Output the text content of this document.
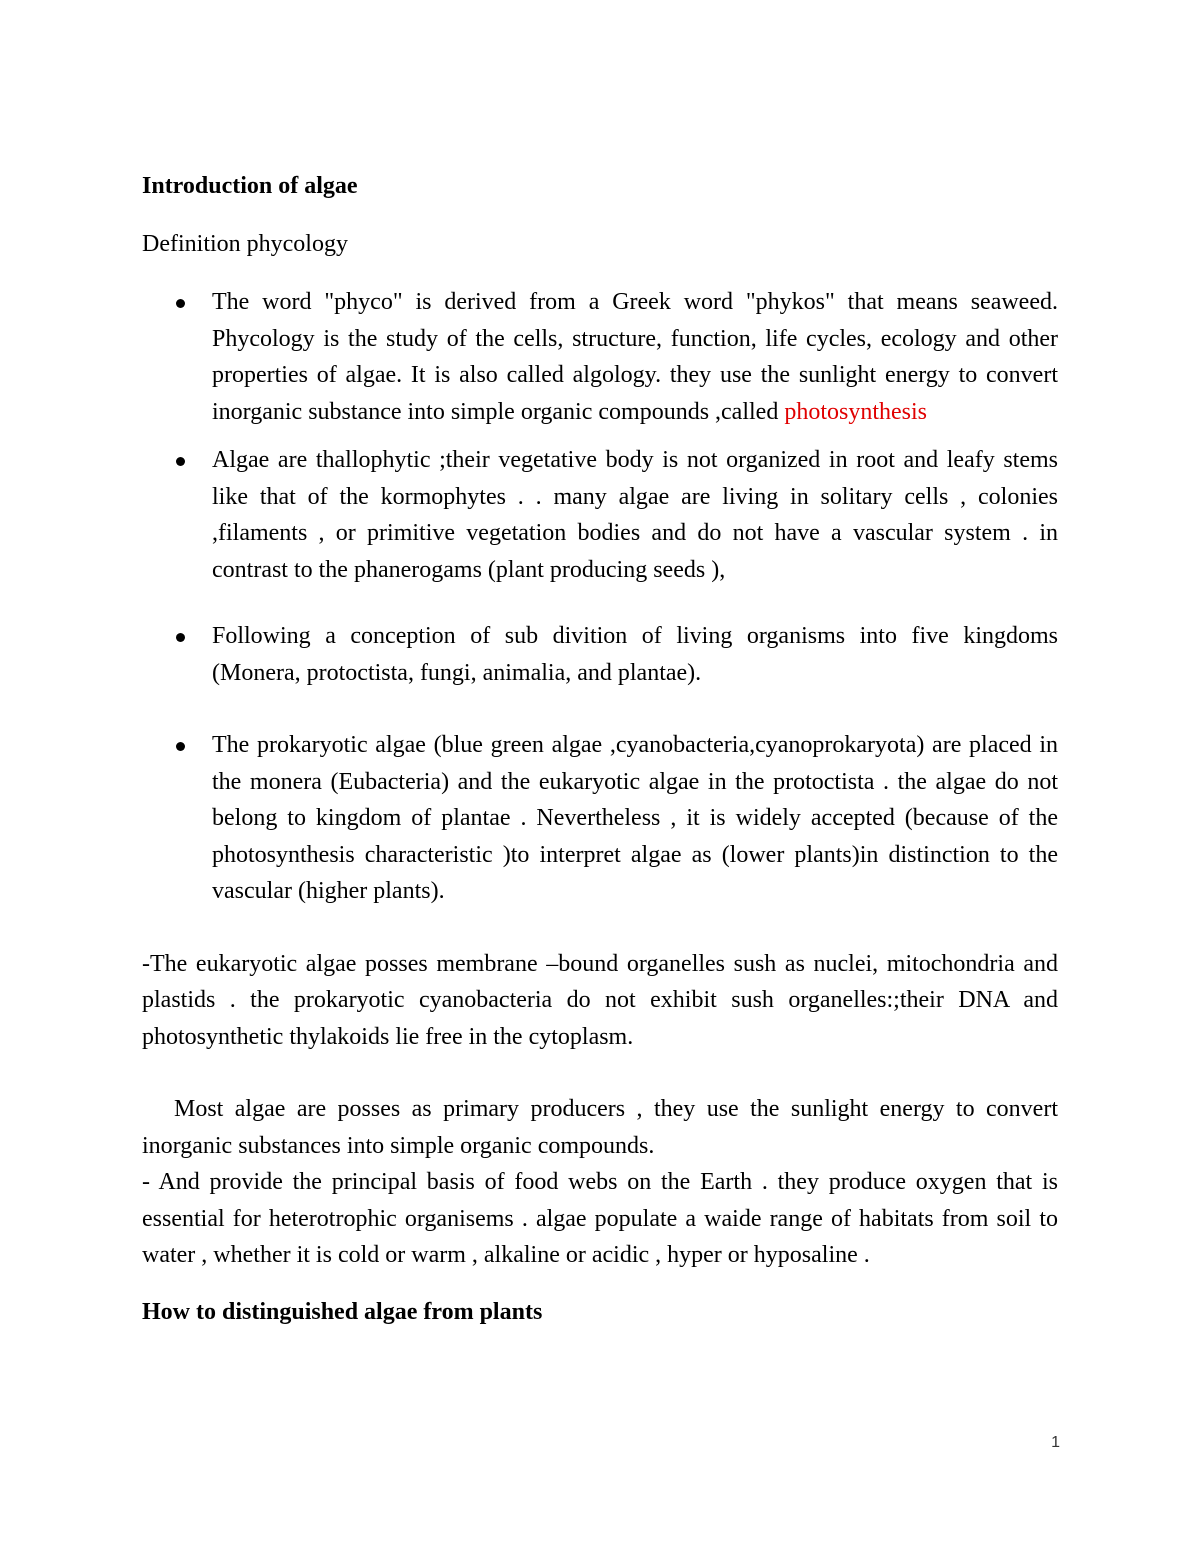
Introduction of algae

Definition phycology

The word "phyco" is derived from a Greek word "phykos" that means seaweed. Phycology is the study of the cells, structure, function, life cycles, ecology and other properties of algae. It is also called algology. they use the sunlight energy to convert inorganic substance into simple organic compounds ,called photosynthesis
Algae are thallophytic ;their vegetative body is not organized in root and leafy stems like that of the kormophytes . . many algae are living in solitary cells , colonies ,filaments , or primitive vegetation bodies and do not have a vascular system . in contrast to the phanerogams (plant producing seeds ),
Following a conception of sub divition of living organisms into five kingdoms (Monera, protoctista, fungi, animalia, and plantae).
The prokaryotic algae (blue green algae ,cyanobacteria,cyanoprokaryota) are placed in the monera (Eubacteria) and the eukaryotic algae in the protoctista . the algae do not belong to kingdom of plantae . Nevertheless , it is widely accepted (because of the photosynthesis characteristic )to interpret algae as (lower plants)in distinction to the vascular (higher plants).

-The eukaryotic algae posses membrane –bound organelles sush as nuclei, mitochondria and plastids . the prokaryotic cyanobacteria do not exhibit sush organelles:;their DNA and photosynthetic thylakoids lie free in the cytoplasm.

Most algae are posses as primary producers , they use the sunlight energy to convert inorganic substances into simple organic compounds.

- And provide the principal basis of food webs on the Earth . they produce oxygen that is essential for heterotrophic organisems . algae populate a waide range of habitats from soil to water , whether it is cold or warm , alkaline or acidic , hyper or hyposaline .

How to distinguished algae from plants

1
